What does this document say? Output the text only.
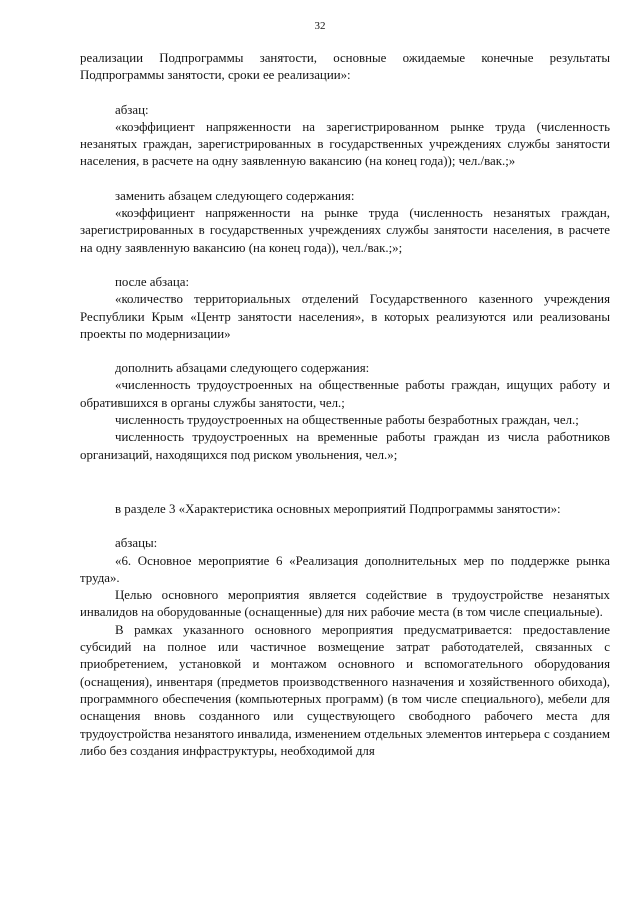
32

реализации Подпрограммы занятости, основные ожидаемые конечные результаты Подпрограммы занятости, сроки ее реализации»:

абзац:

«коэффициент напряженности на зарегистрированном рынке труда (численность незанятых граждан, зарегистрированных в государственных учреждениях службы занятости населения, в расчете на одну заявленную вакансию (на конец года)); чел./вак.;»

заменить абзацем следующего содержания:

«коэффициент напряженности на рынке труда (численность незанятых граждан, зарегистрированных в государственных учреждениях службы занятости населения, в расчете на одну заявленную вакансию (на конец года)), чел./вак.;»;

после абзаца:

«количество территориальных отделений Государственного казенного учреждения Республики Крым «Центр занятости населения», в которых реализуются или реализованы проекты по модернизации»

дополнить абзацами следующего содержания:

«численность трудоустроенных на общественные работы граждан, ищущих работу и обратившихся в органы службы занятости, чел.;

численность трудоустроенных на общественные работы безработных граждан, чел.;

численность трудоустроенных на временные работы граждан из числа работников организаций, находящихся под риском увольнения, чел.»;

в разделе 3 «Характеристика основных мероприятий Подпрограммы занятости»:

абзацы:

«6. Основное мероприятие 6 «Реализация дополнительных мер по поддержке рынка труда».

Целью основного мероприятия является содействие в трудоустройстве незанятых инвалидов на оборудованные (оснащенные) для них рабочие места (в том числе специальные).

В рамках указанного основного мероприятия предусматривается: предоставление субсидий на полное или частичное возмещение затрат работодателей, связанных с приобретением, установкой и монтажом основного и вспомогательного оборудования (оснащения), инвентаря (предметов производственного назначения и хозяйственного обихода), программного обеспечения (компьютерных программ) (в том числе специального), мебели для оснащения вновь созданного или существующего свободного рабочего места для трудоустройства незанятого инвалида, изменением отдельных элементов интерьера с созданием либо без создания инфраструктуры, необходимой для
